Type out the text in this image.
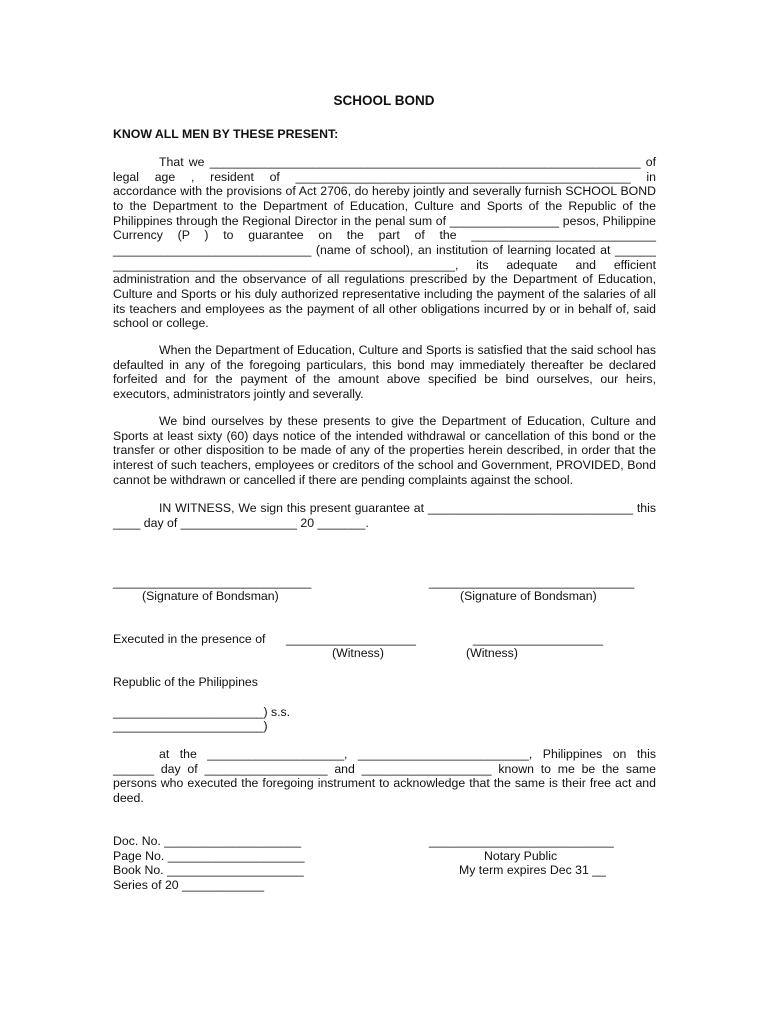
SCHOOL BOND
KNOW ALL MEN BY THESE PRESENT:
That we _______________________________________________________________ of
legal age , resident of _________________________________________________ in
accordance with the provisions of Act 2706, do hereby jointly and severally furnish SCHOOL BOND
to the Department to the Department of Education, Culture and Sports of the Republic of the
Philippines through the Regional Director in the penal sum of ________________ pesos, Philippine
Currency (P ) to guarantee on the part of the ___________________________
_____________________________ (name of school), an institution of learning located at ______
__________________________________________________, its adequate and efficient
administration and the observance of all regulations prescribed by the Department of Education,
Culture and Sports or his duly authorized representative including the payment of the salaries of all
its teachers and employees as the payment of all other obligations incurred by or in behalf of, said
school or college.
When the Department of Education, Culture and Sports is satisfied that the said school has
defaulted in any of the foregoing particulars, this bond may immediately thereafter be declared
forfeited and for the payment of the amount above specified be bind ourselves, our heirs,
executors, administrators jointly and severally.
We bind ourselves by these presents to give the Department of Education, Culture and
Sports at least sixty (60) days notice of the intended withdrawal or cancellation of this bond or the
transfer or other disposition to be made of any of the properties herein described, in order that the
interest of such teachers, employees or creditors of the school and Government, PROVIDED, Bond
cannot be withdrawn or cancelled if there are pending complaints against the school.
IN WITNESS, We sign this present guarantee at ______________________________ this
____ day of _________________ 20 _______.
_____________________________
(Signature of Bondsman)
______________________________
(Signature of Bondsman)
Executed in the presence of ___________________
(Witness)
___________________
(Witness)
Republic of the Philippines
______________________) s.s.
______________________)
at the ____________________, _________________________, Philippines on this
______ day of __________________ and ___________________ known to me be the same
persons who executed the foregoing instrument to acknowledge that the same is their free act and
deed.
Doc. No. ____________________
Page No. ____________________
Book No. ____________________
Series of 20 ____________
___________________________
Notary Public
My term expires Dec 31 __
